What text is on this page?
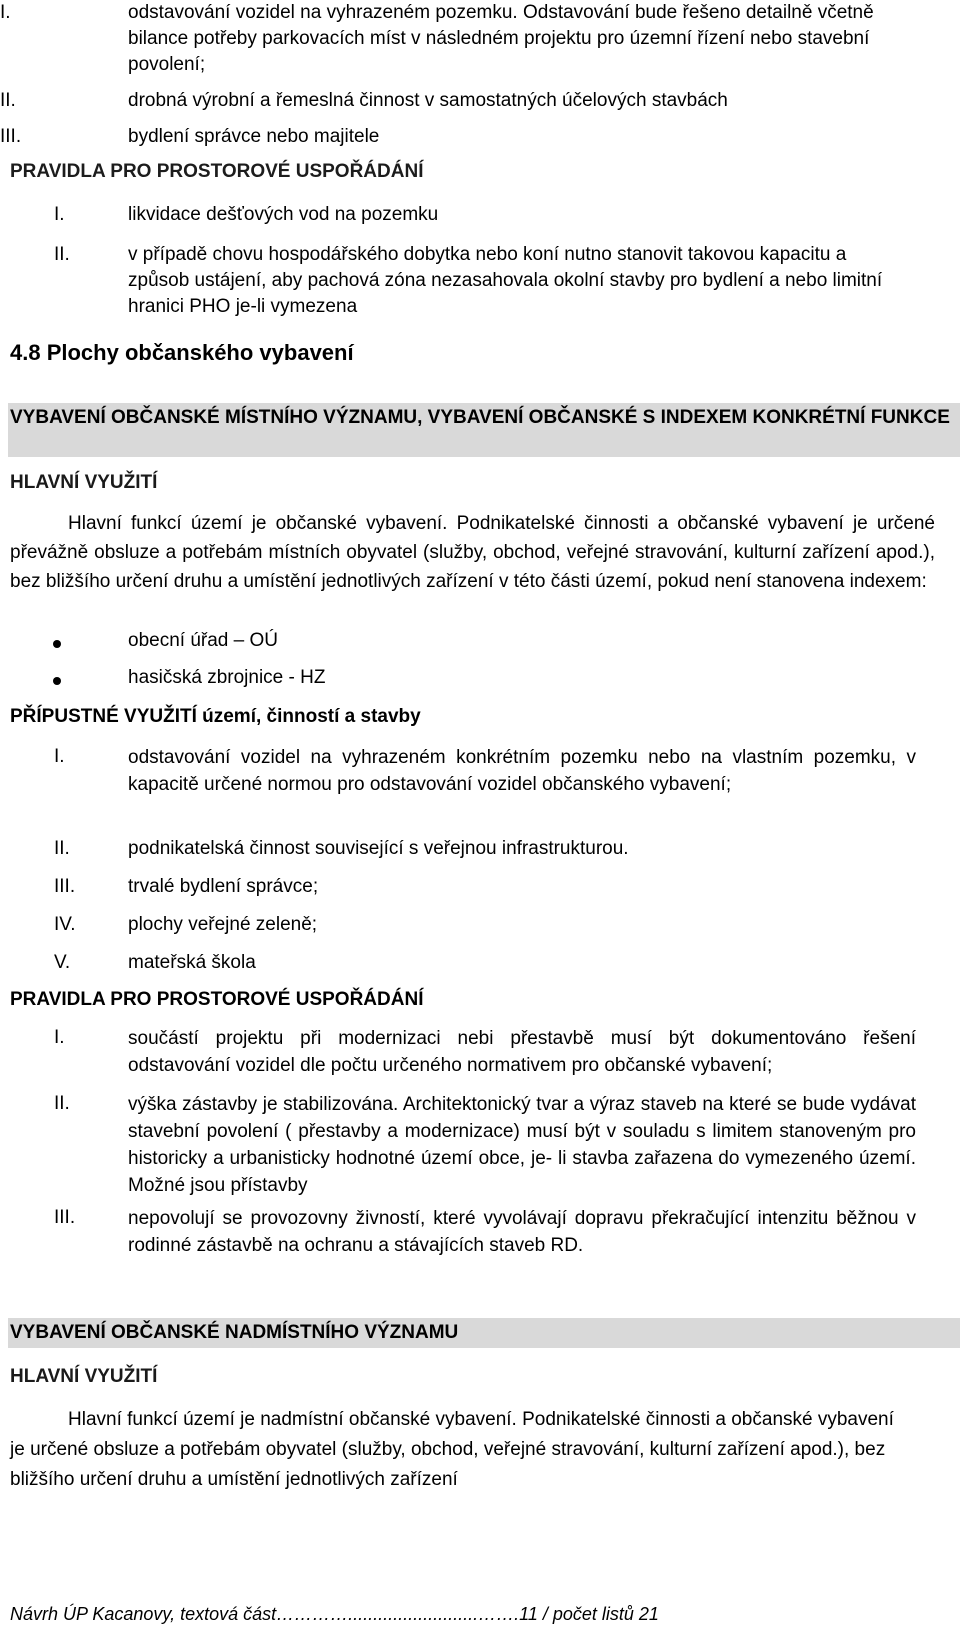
I.	odstavování vozidel na vyhrazeném pozemku. Odstavování bude řešeno detailně včetně bilance potřeby parkovacích míst v následném projektu pro územní řízení nebo stavební povolení;
II.	drobná výrobní a řemeslná činnost v samostatných účelových stavbách
III.	bydlení správce nebo majitele
PRAVIDLA PRO PROSTOROVÉ USPOŘÁDÁNÍ
I.	likvidace dešťových vod na pozemku
II.	v případě chovu hospodářského dobytka nebo koní nutno stanovit takovou kapacitu a způsob ustájení, aby pachová zóna nezasahovala okolní stavby pro bydlení a nebo limitní hranici PHO je-li vymezena
4.8 Plochy občanského vybavení
VYBAVENÍ OBČANSKÉ MÍSTNÍHO VÝZNAMU, VYBAVENÍ OBČANSKÉ S INDEXEM KONKRÉTNÍ FUNKCE
HLAVNÍ VYUŽITÍ
Hlavní funkcí území je občanské vybavení. Podnikatelské činnosti a občanské vybavení je určené převážně obsluze a potřebám místních obyvatel (služby, obchod, veřejné stravování, kulturní zařízení apod.), bez bližšího určení druhu a umístění jednotlivých zařízení v této části území, pokud není stanovena indexem:
obecní úřad – OÚ
hasičská zbrojnice - HZ
PŘÍPUSTNÉ VYUŽITÍ území, činností a stavby
I.	odstavování vozidel na vyhrazeném konkrétním pozemku nebo na vlastním pozemku, v kapacitě určené normou pro odstavování vozidel občanského vybavení;
II.	podnikatelská činnost související s veřejnou infrastrukturou.
III.	trvalé bydlení správce;
IV.	plochy veřejné zeleně;
V.	mateřská škola
PRAVIDLA PRO PROSTOROVÉ USPOŘÁDÁNÍ
I.	součástí projektu při modernizaci nebi přestavbě musí být dokumentováno řešení odstavování vozidel dle počtu určeného normativem pro občanské vybavení;
II.	výška zástavby je stabilizována. Architektonický tvar a výraz staveb na které se bude vydávat stavební povolení ( přestavby a modernizace) musí být v souladu s limitem stanoveným pro historicky a urbanisticky hodnotné území obce, je- li stavba zařazena do vymezeného území. Možné jsou přístavby
III.	nepovolují se provozovny živností, které vyvolávají dopravu překračující intenzitu běžnou v rodinné zástavbě na ochranu a stávajících staveb RD.
VYBAVENÍ OBČANSKÉ NADMÍSTNÍHO VÝZNAMU
HLAVNÍ VYUŽITÍ
Hlavní funkcí území je nadmístní občanské vybavení. Podnikatelské činnosti a občanské vybavení je určené obsluze a potřebám obyvatel (služby, obchod, veřejné stravování, kulturní zařízení apod.), bez bližšího určení druhu a umístění jednotlivých zařízení
Návrh ÚP Kacanovy, textová část…………..........................…….11 / počet listů 21
